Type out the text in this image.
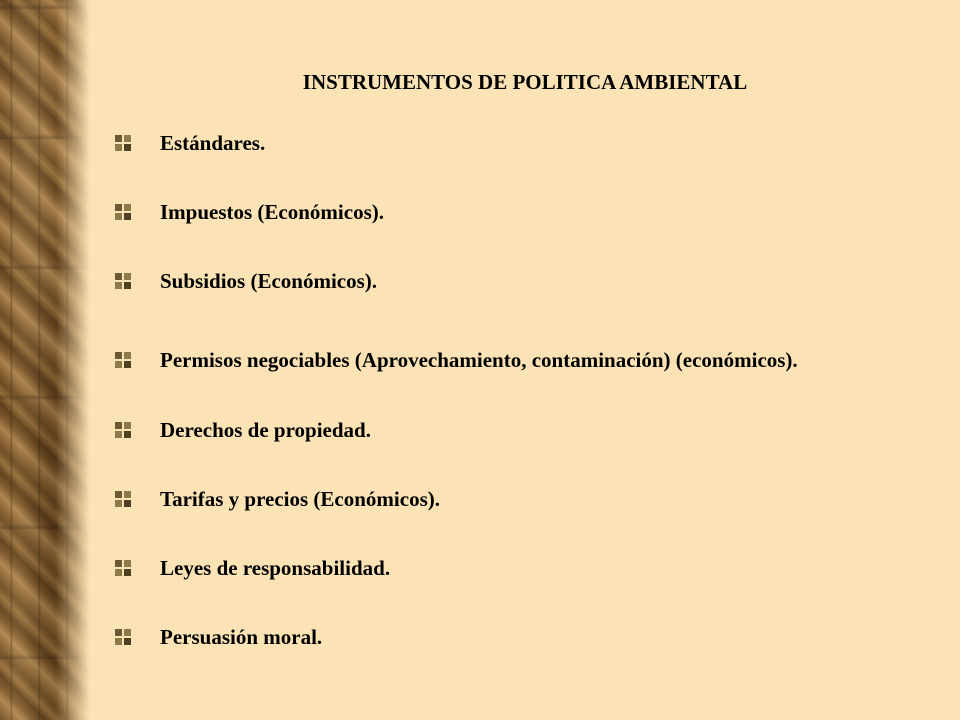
INSTRUMENTOS DE POLITICA AMBIENTAL
Estándares.
Impuestos (Económicos).
Subsidios (Económicos).
Permisos negociables (Aprovechamiento, contaminación) (económicos).
Derechos de propiedad.
Tarifas y precios (Económicos).
Leyes de responsabilidad.
Persuasión moral.
